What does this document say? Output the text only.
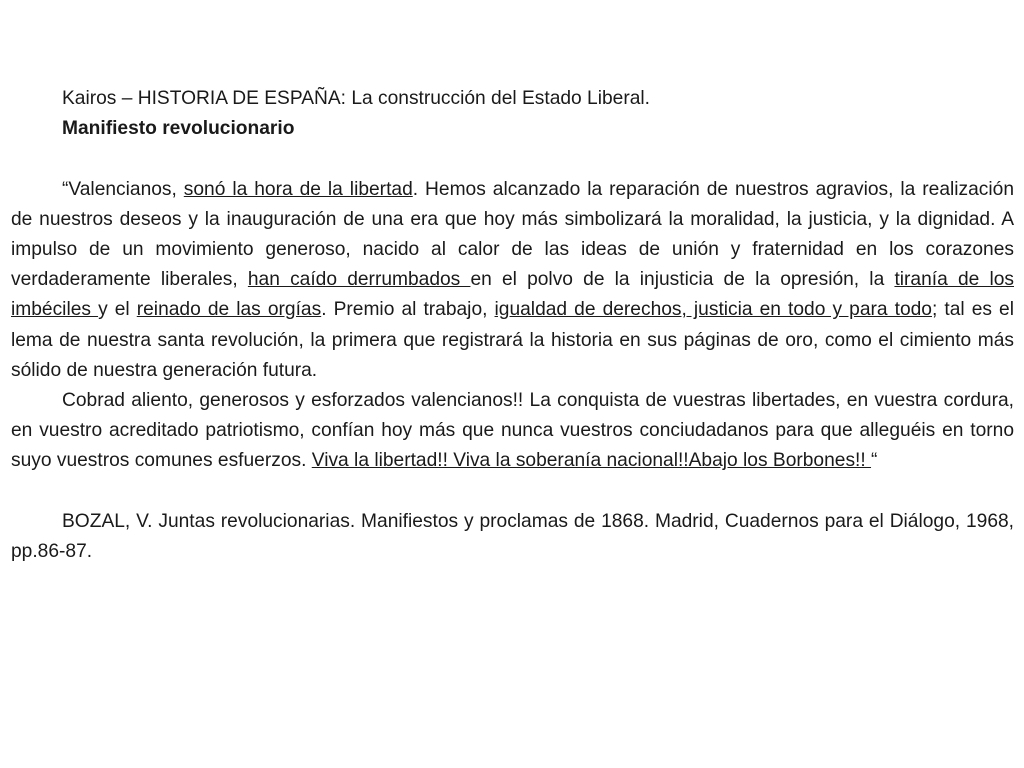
Kairos – HISTORIA DE ESPAÑA: La construcción del Estado Liberal.

Manifiesto revolucionario

“Valencianos, sonó la hora de la libertad. Hemos alcanzado la reparación de nuestros agravios, la realización de nuestros deseos y la inauguración de una era que hoy más simbolizará la moralidad, la justicia, y la dignidad. A impulso de un movimiento generoso, nacido al calor de las ideas de unión y fraternidad en los corazones verdaderamente liberales, han caído derrumbados en el polvo de la injusticia de la opresión, la tiranía de los imbéciles y el reinado de las orgías. Premio al trabajo, igualdad de derechos, justicia en todo y para todo; tal es el lema de nuestra santa revolución, la primera que registrará la historia en sus páginas de oro, como el cimiento más sólido de nuestra generación futura.

Cobrad aliento, generosos y esforzados valencianos!! La conquista de vuestras libertades, en vuestra cordura, en vuestro acreditado patriotismo, confían hoy más que nunca vuestros conciudadanos para que alleguéis en torno suyo vuestros comunes esfuerzos. Viva la libertad!! Viva la soberanía nacional!!Abajo los Borbones!! “

BOZAL, V. Juntas revolucionarias. Manifiestos y proclamas de 1868. Madrid, Cuadernos para el Diálogo, 1968, pp.86-87.
